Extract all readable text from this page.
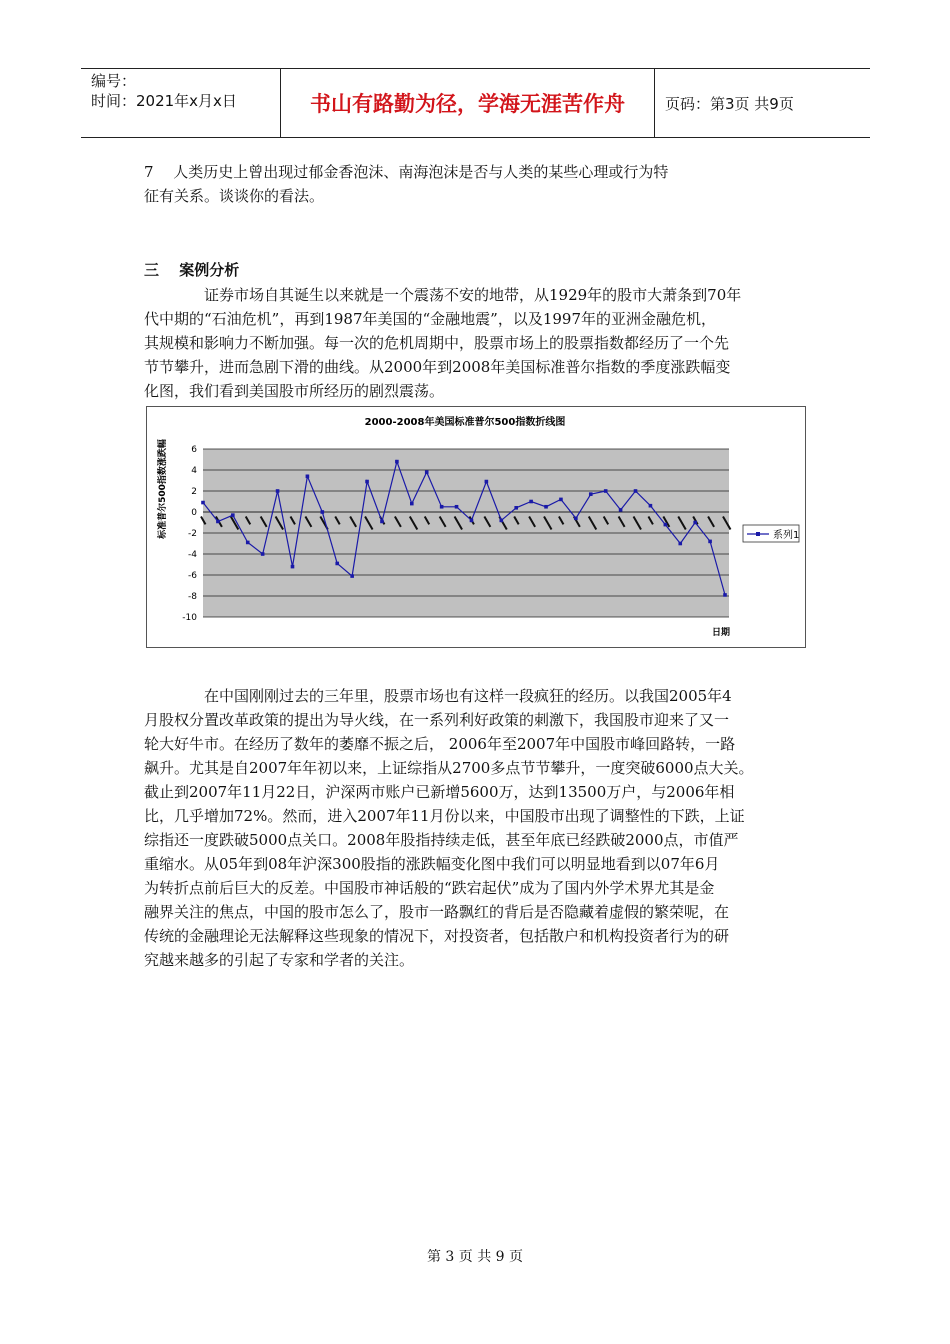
编号：
时间：2021年x月x日	书山有路勤为径，学海无涯苦作舟	页码：第3页 共9页
7　 人类历史上曾出现过郁金香泡沫、南海泡沫是否与人类的某些心理或行为特
征有关系。谈谈你的看法。
三　 案例分析
证券市场自其诞生以来就是一个震荡不安的地带，从1929年的股市大萧条到70年
代中期的“石油危机”，再到1987年美国的“金融地震”，以及1997年的亚洲金融危机，
其规模和影响力不断加强。每一次的危机周期中，股票市场上的股票指数都经历了一个先
节节攀升，进而急剧下滑的曲线。从2000年到2008年美国标准普尔指数的季度涨跌幅变
化图，我们看到美国股市所经历的剧烈震荡。
6
4
2
0
-2
-4
-6
-8
-10
2000-2008年美国标准普尔500指数折线图
标准普尔500指数涨跌幅
日期
系列1
在中国刚刚过去的三年里，股票市场也有这样一段疯狂的经历。以我国2005年4
月股权分置改革政策的提出为导火线，在一系列利好政策的刺激下，我国股市迎来了又一
轮大好牛市。在经历了数年的萎靡不振之后， 2006年至2007年中国股市峰回路转，一路
飙升。尤其是自2007年年初以来，上证综指从2700多点节节攀升，一度突破6000点大关。
截止到2007年11月22日，沪深两市账户已新增5600万，达到13500万户，与2006年相
比，几乎增加72%。然而，进入2007年11月份以来，中国股市出现了调整性的下跌，上证
综指还一度跌破5000点关口。2008年股指持续走低，甚至年底已经跌破2000点，市值严
重缩水。从05年到08年沪深300股指的涨跌幅变化图中我们可以明显地看到以07年6月
为转折点前后巨大的反差。中国股市神话般的“跌宕起伏”成为了国内外学术界尤其是金
融界关注的焦点，中国的股市怎么了，股市一路飘红的背后是否隐藏着虚假的繁荣呢，在
传统的金融理论无法解释这些现象的情况下，对投资者，包括散户和机构投资者行为的研
究越来越多的引起了专家和学者的关注。
第 3 页 共 9 页
